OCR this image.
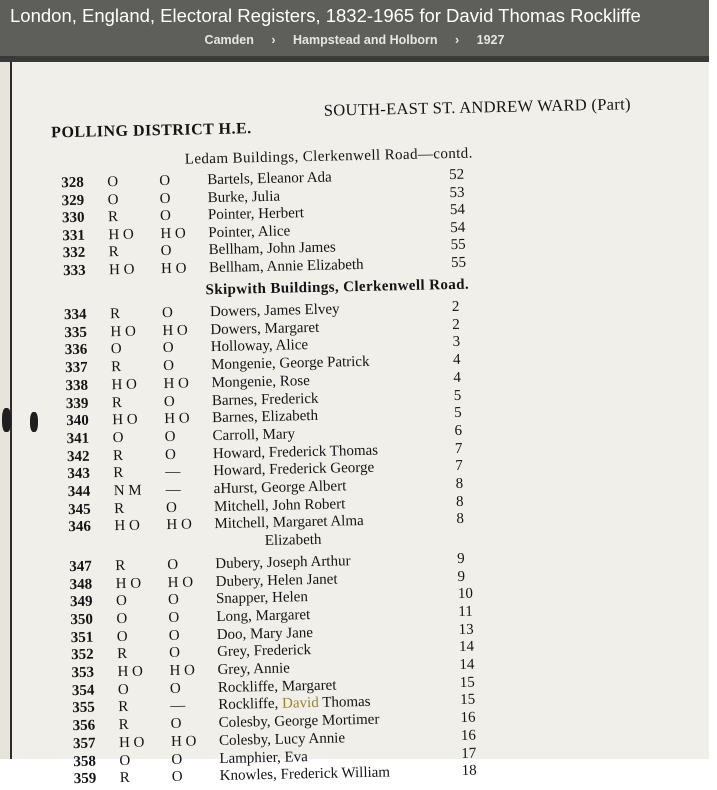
London, England, Electoral Registers, 1832-1965 for David Thomas Rockliffe
Camden › Hampstead and Holborn › 1927
POLLING DISTRICT H.E.
SOUTH-EAST ST. ANDREW WARD (Part)
Ledam Buildings, Clerkenwell Road—contd.
Skipwith Buildings, Clerkenwell Road.
328	O	O Bartels, Eleanor Ada	52
329	O	O Burke, Julia	53
330	R	O Pointer, Herbert	54
331	H O H O Pointer, Alice	54
332	R	O Bellham, John James	55
333	H O H O Bellham, Annie Elizabeth	55
334	R	O Dowers, James Elvey	2
335	H O H O Dowers, Margaret	2
336	O	O Holloway, Alice	3
337	R	O Mongenie, George Patrick	4
338	H O H O Mongenie, Rose	4
339	R	O Barnes, Frederick	5
340	H O H O Barnes, Elizabeth	5
341	O	O Carroll, Mary	6
342	R	O Howard, Frederick Thomas	7
343	R	— Howard, Frederick George	7
344	N M — aHurst, George Albert	8
345	R	O Mitchell, John Robert	8
346	H O H O Mitchell, Margaret Alma	8
Elizabeth
347	R	O Dubery, Joseph Arthur	9
348	H O H O Dubery, Helen Janet	9
349	O	O Snapper, Helen	10
350	O	O Long, Margaret	11
351	O	O Doo, Mary Jane	13
352	R	O Grey, Frederick	14
353	H O H O Grey, Annie	14
354	O	O Rockliffe, Margaret	15
355	R	— Rockliffe, David Thomas	15
356	R	O Colesby, George Mortimer	16
357	H O H O Colesby, Lucy Annie	16
358	O	O Lamphier, Eva	17
359	R	O Knowles, Frederick William	18
